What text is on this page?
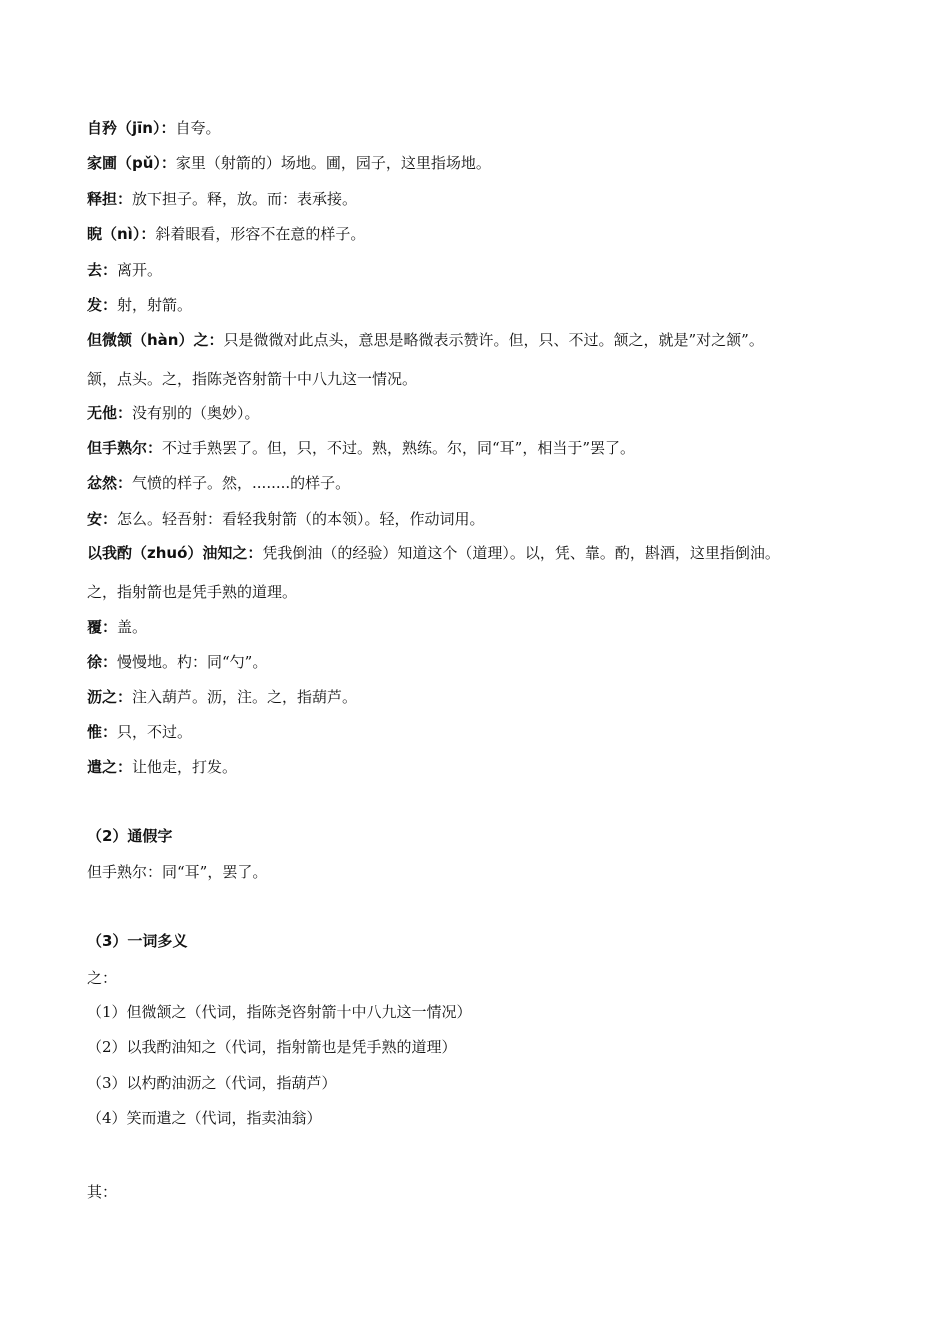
自矜（jīn）：自夸。
家圃（pǔ）：家里（射箭的）场地。圃，园子，这里指场地。
释担：放下担子。释，放。而：表承接。
睨（nì）：斜着眼看，形容不在意的样子。
去：离开。
发：射，射箭。
但微颔（hàn）之：只是微微对此点头，意思是略微表示赞许。但，只、不过。颔之，就是”对之颔”。
颔，点头。之，指陈尧咨射箭十中八九这一情况。
无他：没有别的（奥妙）。
但手熟尔：不过手熟罢了。但，只，不过。熟，熟练。尔，同“耳”，相当于”罢了。
忿然：气愤的样子。然，........的样子。
安：怎么。轻吾射：看轻我射箭（的本领）。轻，作动词用。
以我酌（zhuó）油知之：凭我倒油（的经验）知道这个（道理）。以，凭、靠。酌，斟酒，这里指倒油。
之，指射箭也是凭手熟的道理。
覆：盖。
徐：慢慢地。杓：同“勺”。
沥之：注入葫芦。沥，注。之，指葫芦。
惟：只，不过。
遣之：让他走，打发。
（2）通假字
但手熟尔：同“耳”，罢了。
（3）一词多义
之：
（1）但微颔之（代词，指陈尧咨射箭十中八九这一情况）
（2）以我酌油知之（代词，指射箭也是凭手熟的道理）
（3）以杓酌油沥之（代词，指葫芦）
（4）笑而遣之（代词，指卖油翁）
其：
